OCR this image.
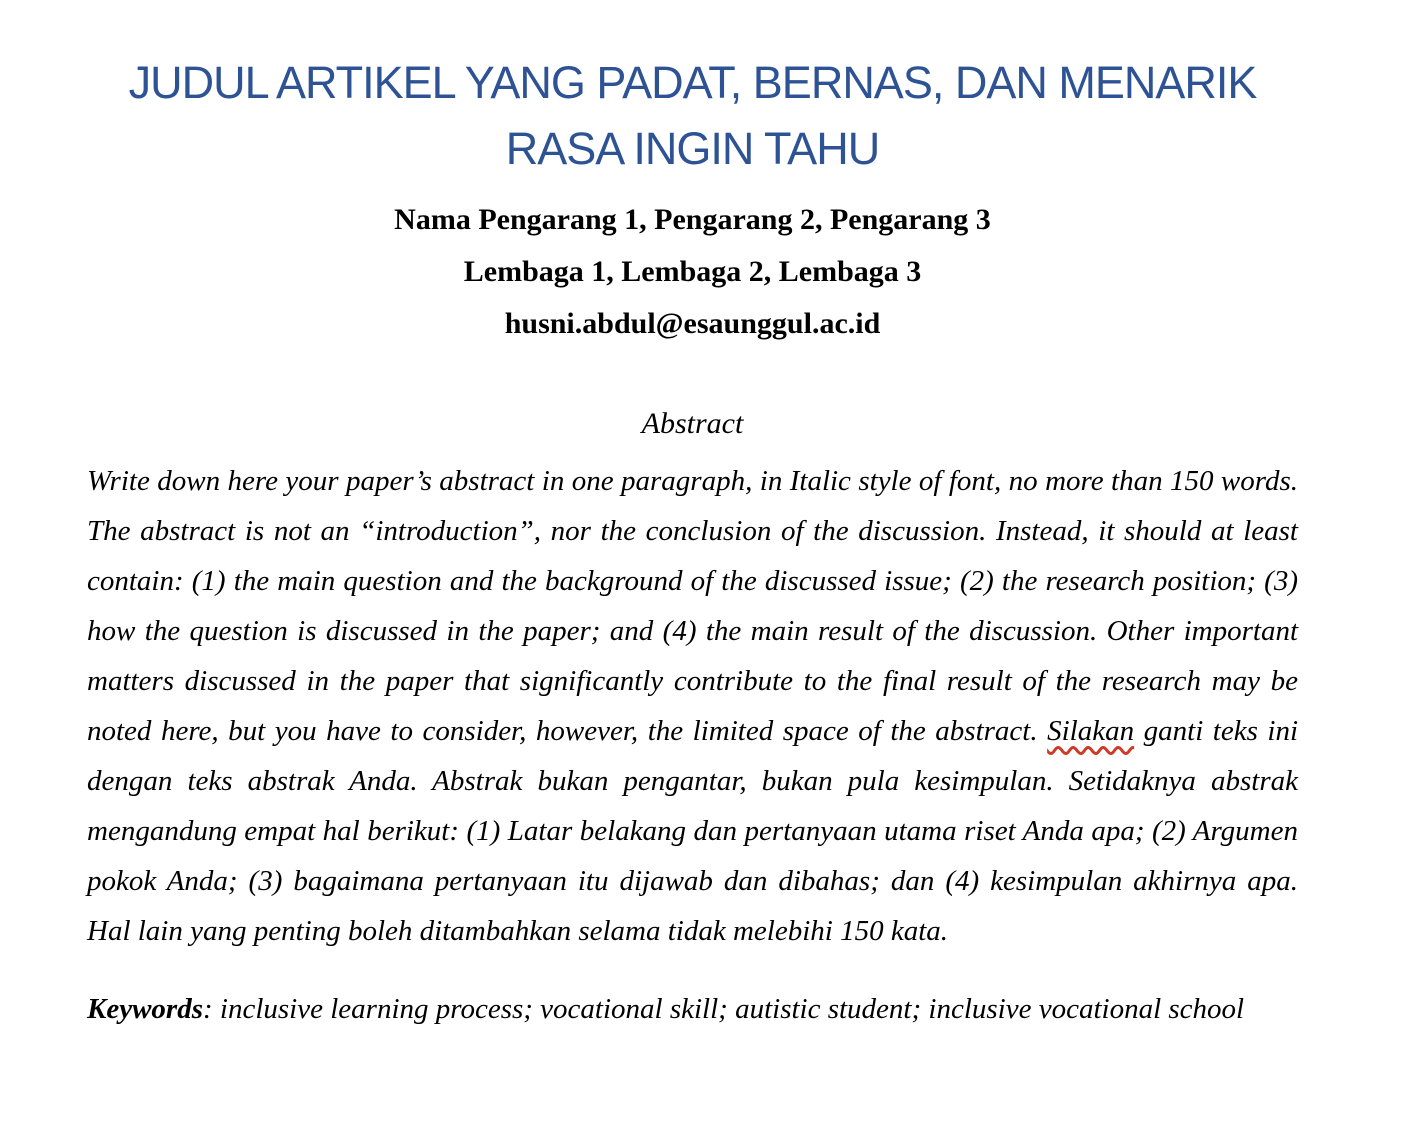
JUDUL ARTIKEL YANG PADAT, BERNAS, DAN MENARIK
RASA INGIN TAHU
Nama Pengarang 1, Pengarang 2, Pengarang 3
Lembaga 1, Lembaga 2, Lembaga 3
husni.abdul@esaunggul.ac.id
Abstract

Write down here your paper’s abstract in one paragraph, in Italic style of font, no more than 150 words. The abstract is not an “introduction”, nor the conclusion of the discussion. Instead, it should at least contain: (1) the main question and the background of the discussed issue; (2) the research position; (3) how the question is discussed in the paper; and (4) the main result of the discussion. Other important matters discussed in the paper that significantly contribute to the final result of the research may be noted here, but you have to consider, however, the limited space of the abstract. Silakan ganti teks ini dengan teks abstrak Anda. Abstrak bukan pengantar, bukan pula kesimpulan. Setidaknya abstrak mengandung empat hal berikut: (1) Latar belakang dan pertanyaan utama riset Anda apa; (2) Argumen pokok Anda; (3) bagaimana pertanyaan itu dijawab dan dibahas; dan (4) kesimpulan akhirnya apa. Hal lain yang penting boleh ditambahkan selama tidak melebihi 150 kata.

Keywords: inclusive learning process; vocational skill; autistic student; inclusive vocational school
